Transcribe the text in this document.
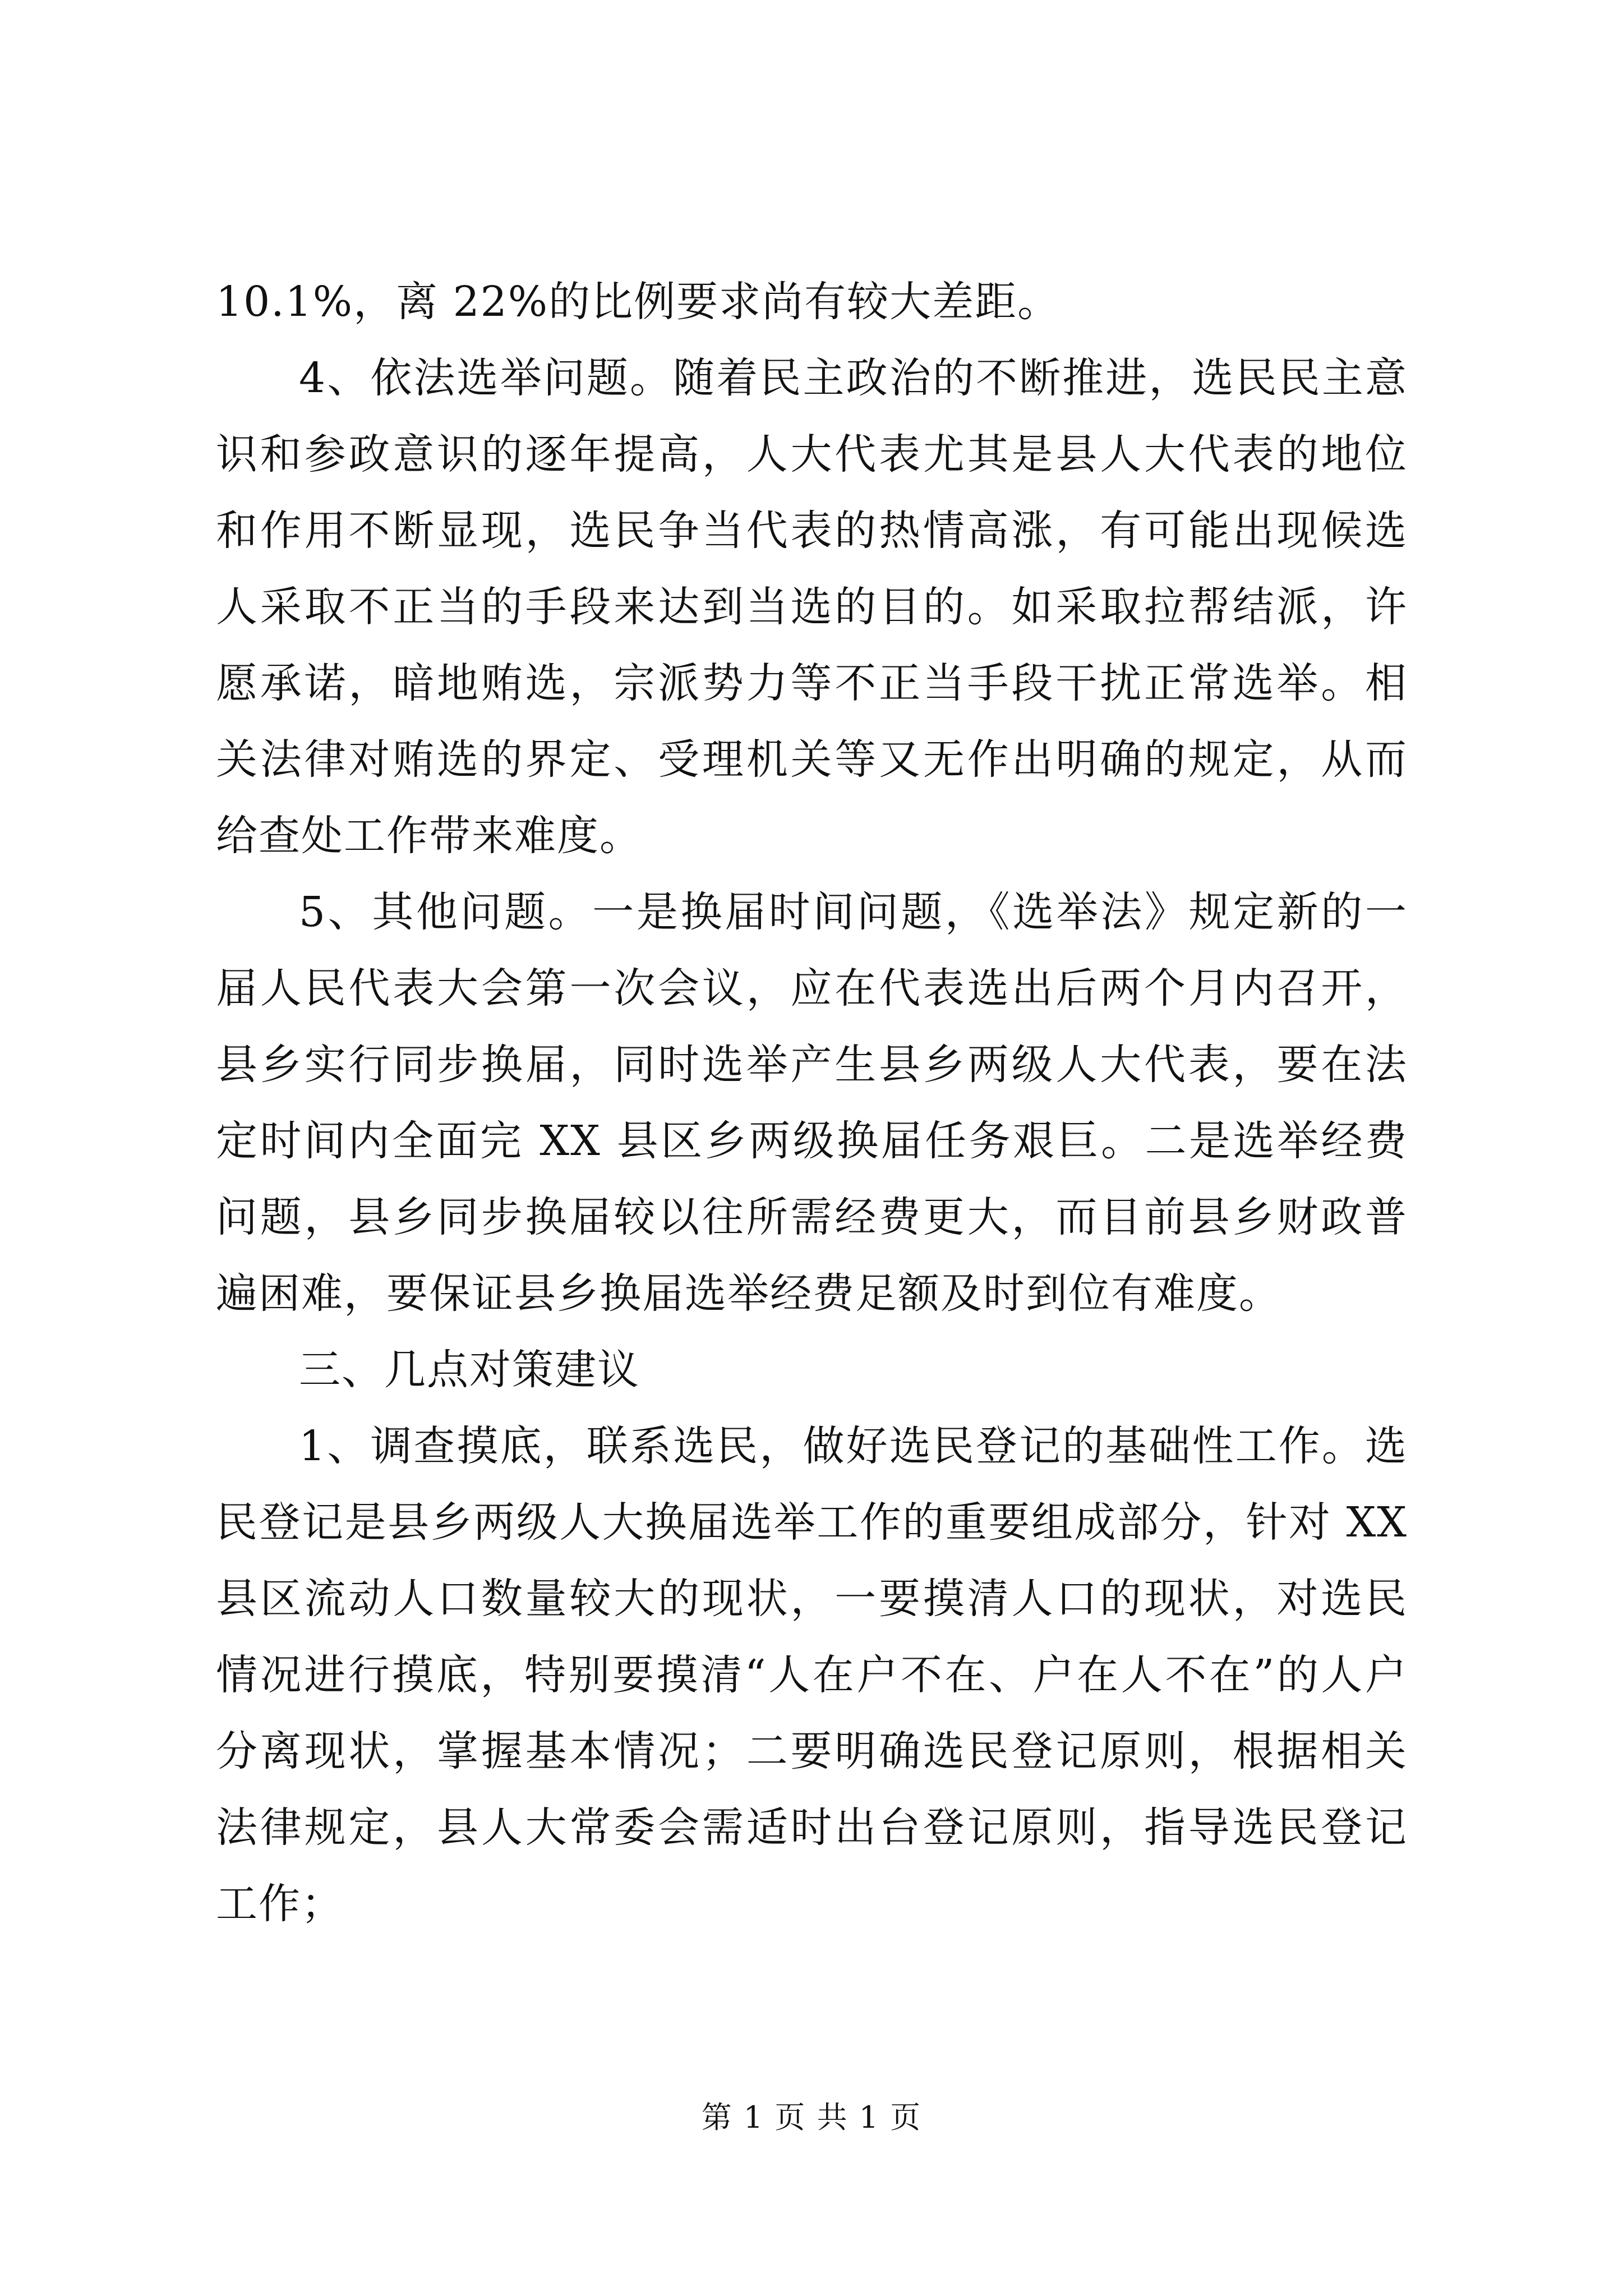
10.1%，离 22%的比例要求尚有较大差距。

4、依法选举问题。随着民主政治的不断推进，选民民主意识和参政意识的逐年提高，人大代表尤其是县人大代表的地位和作用不断显现，选民争当代表的热情高涨，有可能出现候选人采取不正当的手段来达到当选的目的。如采取拉帮结派，许愿承诺，暗地贿选，宗派势力等不正当手段干扰正常选举。相关法律对贿选的界定、受理机关等又无作出明确的规定，从而给查处工作带来难度。

5、其他问题。一是换届时间问题，《选举法》规定新的一届人民代表大会第一次会议，应在代表选出后两个月内召开，县乡实行同步换届，同时选举产生县乡两级人大代表，要在法定时间内全面完 XX 县区乡两级换届任务艰巨。二是选举经费问题，县乡同步换届较以往所需经费更大，而目前县乡财政普遍困难，要保证县乡换届选举经费足额及时到位有难度。

三、几点对策建议

1、调查摸底，联系选民，做好选民登记的基础性工作。选民登记是县乡两级人大换届选举工作的重要组成部分，针对 XX 县区流动人口数量较大的现状，一要摸清人口的现状，对选民情况进行摸底，特别要摸清“人在户不在、户在人不在”的人户分离现状，掌握基本情况；二要明确选民登记原则，根据相关法律规定，县人大常委会需适时出台登记原则，指导选民登记工作；

第 1 页 共 1 页
